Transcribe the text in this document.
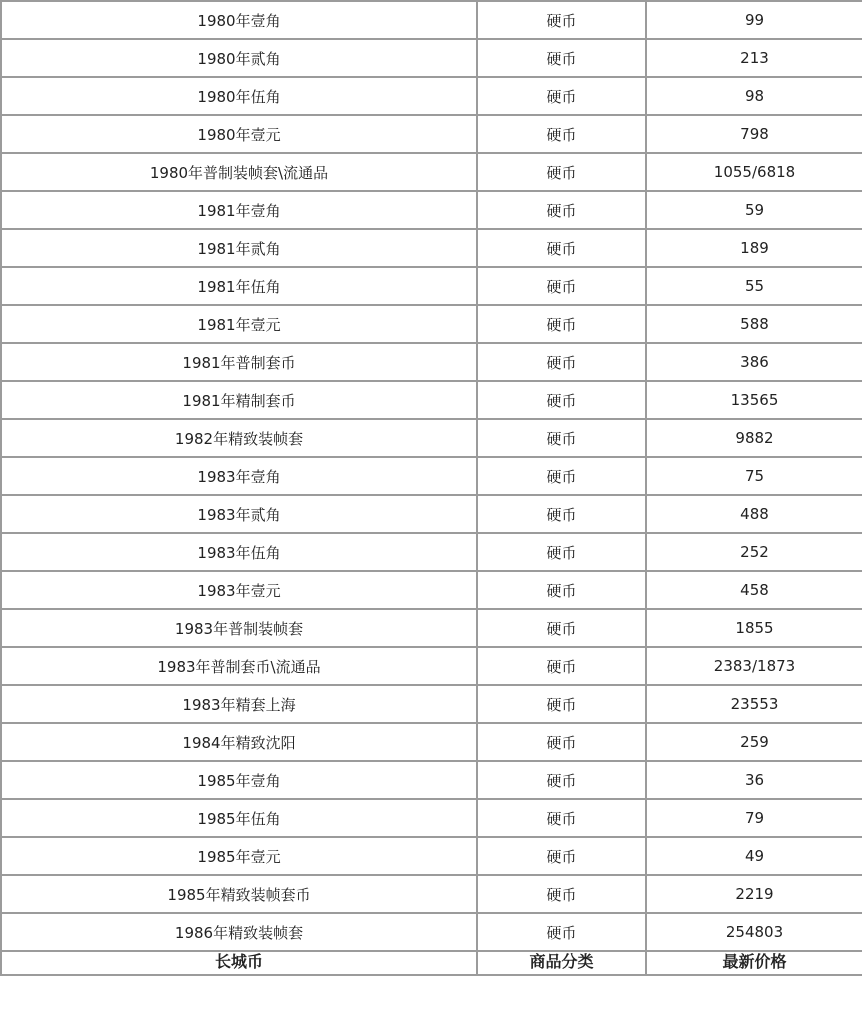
1980年壹角	硬币	99
1980年贰角	硬币	213
1980年伍角	硬币	98
1980年壹元	硬币	798
1980年普制装帧套\流通品	硬币	1055/6818
1981年壹角	硬币	59
1981年贰角	硬币	189
1981年伍角	硬币	55
1981年壹元	硬币	588
1981年普制套币	硬币	386
1981年精制套币	硬币	13565
1982年精致装帧套	硬币	9882
1983年壹角	硬币	75
1983年贰角	硬币	488
1983年伍角	硬币	252
1983年壹元	硬币	458
1983年普制装帧套	硬币	1855
1983年普制套币\流通品	硬币	2383/1873
1983年精套上海	硬币	23553
1984年精致沈阳	硬币	259
1985年壹角	硬币	36
1985年伍角	硬币	79
1985年壹元	硬币	49
1985年精致装帧套币	硬币	2219
1986年精致装帧套	硬币	254803
长城币	商品分类	最新价格
